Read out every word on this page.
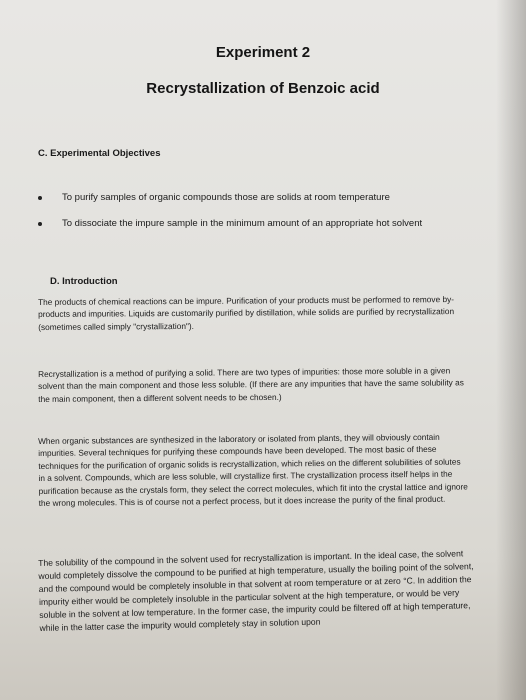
Experiment 2
Recrystallization of Benzoic acid
C. Experimental Objectives
To purify samples of organic compounds those are solids at room temperature
To dissociate the impure sample in the minimum amount of an appropriate hot solvent
D. Introduction

The products of chemical reactions can be impure. Purification of your products must be performed to remove by-products and impurities. Liquids are customarily purified by distillation, while solids are purified by recrystallization (sometimes called simply "crystallization").

Recrystallization is a method of purifying a solid. There are two types of impurities: those more soluble in a given solvent than the main component and those less soluble. (If there are any impurities that have the same solubility as the main component, then a different solvent needs to be chosen.)

When organic substances are synthesized in the laboratory or isolated from plants, they will obviously contain impurities. Several techniques for purifying these compounds have been developed. The most basic of these techniques for the purification of organic solids is recrystallization, which relies on the different solubilities of solutes in a solvent. Compounds, which are less soluble, will crystallize first. The crystallization process itself helps in the purification because as the crystals form, they select the correct molecules, which fit into the crystal lattice and ignore the wrong molecules. This is of course not a perfect process, but it does increase the purity of the final product.

The solubility of the compound in the solvent used for recrystallization is important. In the ideal case, the solvent would completely dissolve the compound to be purified at high temperature, usually the boiling point of the solvent, and the compound would be completely insoluble in that solvent at room temperature or at zero °C. In addition the impurity either would be completely insoluble in the particular solvent at the high temperature, or would be very soluble in the solvent at low temperature. In the former case, the impurity could be filtered off at high temperature, while in the latter case the impurity would completely stay in solution upon
